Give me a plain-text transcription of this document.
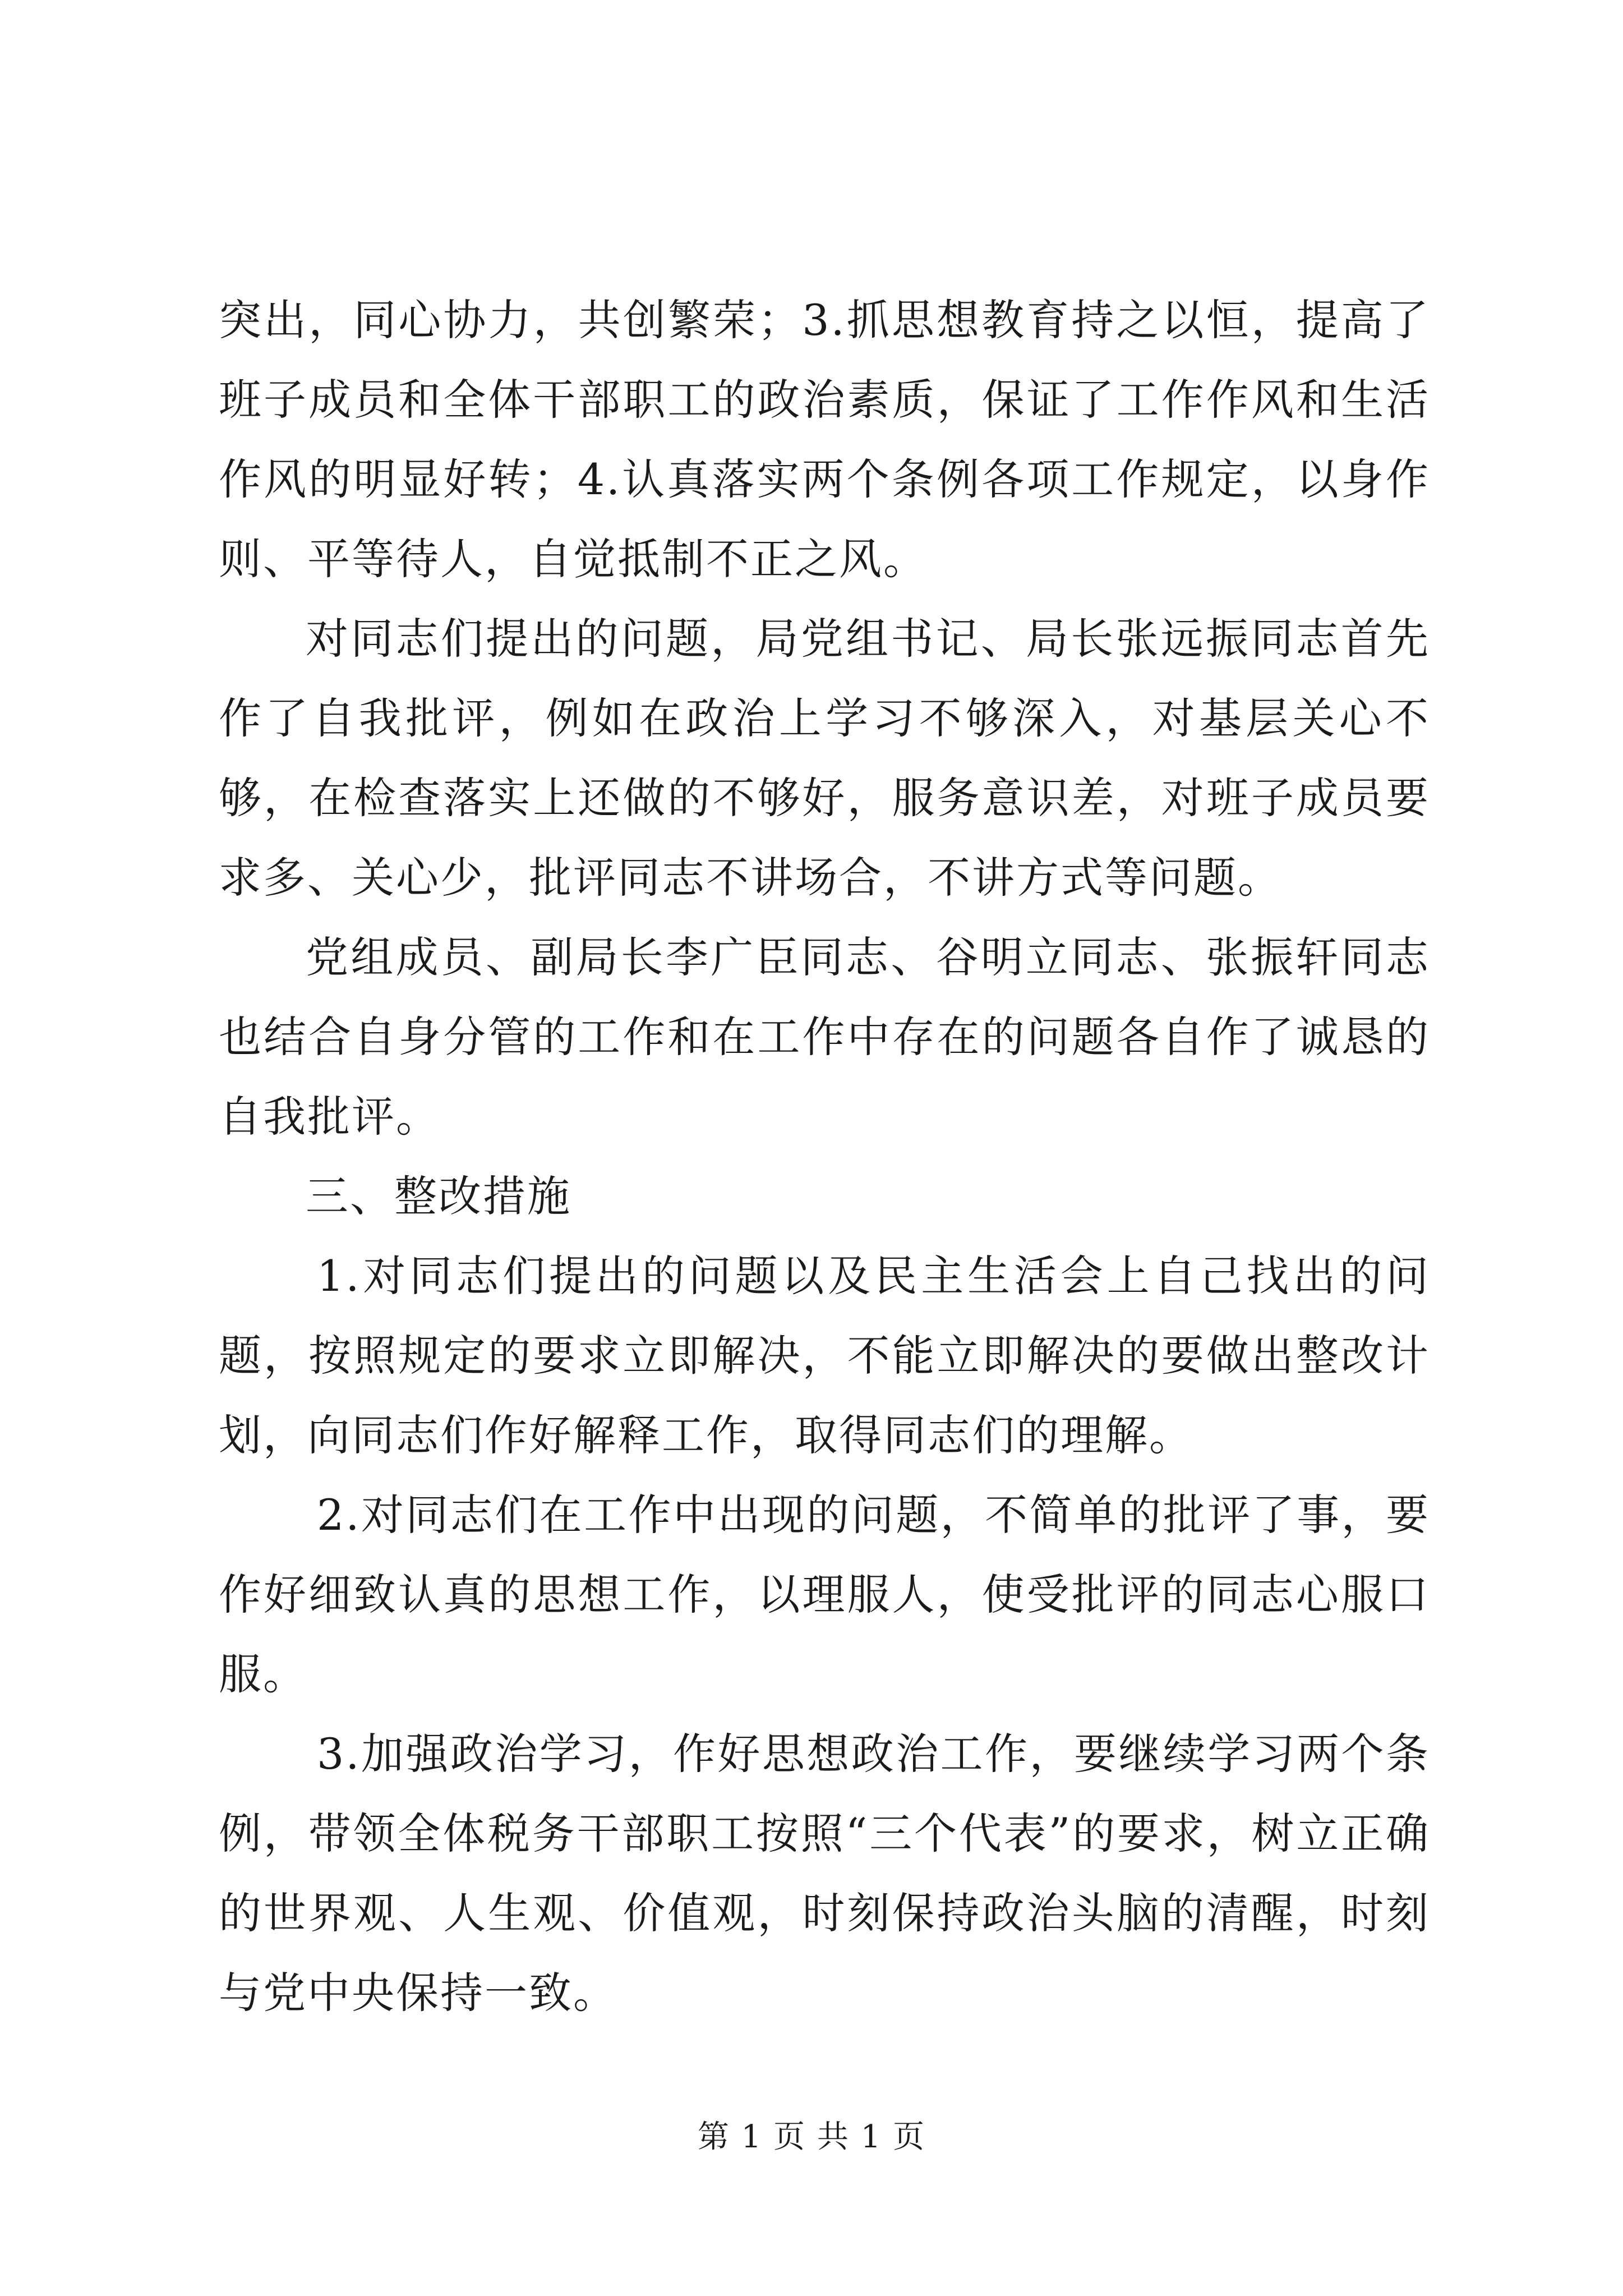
突出，同心协力，共创繁荣；3.抓思想教育持之以恒，提高了班子成员和全体干部职工的政治素质，保证了工作作风和生活作风的明显好转；4.认真落实两个条例各项工作规定，以身作则、平等待人，自觉抵制不正之风。

对同志们提出的问题，局党组书记、局长张远振同志首先作了自我批评，例如在政治上学习不够深入，对基层关心不够，在检查落实上还做的不够好，服务意识差，对班子成员要求多、关心少，批评同志不讲场合，不讲方式等问题。

党组成员、副局长李广臣同志、谷明立同志、张振轩同志也结合自身分管的工作和在工作中存在的问题各自作了诚恳的自我批评。

三、整改措施

1.对同志们提出的问题以及民主生活会上自己找出的问题，按照规定的要求立即解决，不能立即解决的要做出整改计划，向同志们作好解释工作，取得同志们的理解。

2.对同志们在工作中出现的问题，不简单的批评了事，要作好细致认真的思想工作，以理服人，使受批评的同志心服口服。

3.加强政治学习，作好思想政治工作，要继续学习两个条例，带领全体税务干部职工按照“三个代表”的要求，树立正确的世界观、人生观、价值观，时刻保持政治头脑的清醒，时刻与党中央保持一致。

第 1 页 共 1 页
